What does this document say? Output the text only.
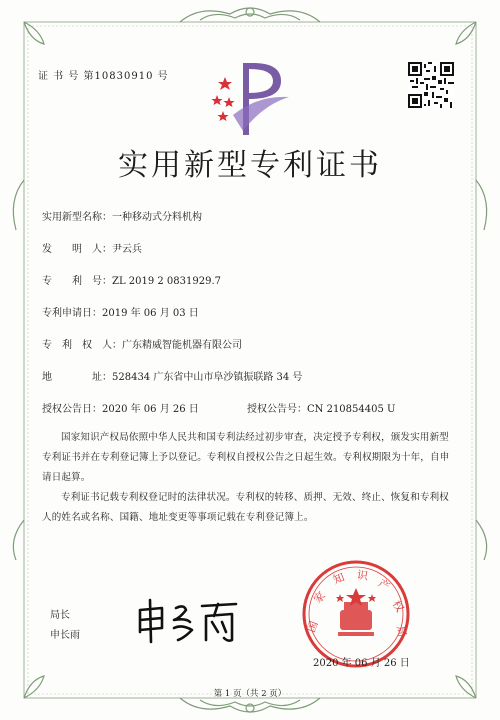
证 书 号 第10830910 号
实用新型专利证书
实用新型名称：一种移动式分料机构
发　　明　人：尹云兵
专　　利　号：ZL 2019 2 0831929.7
专利申请日：2019 年 06 月 03 日
专　利　权　人：广东精威智能机器有限公司
地　　　　址：528434 广东省中山市阜沙镇振联路 34 号
授权公告日：2020 年 06 月 26 日	授权公告号：CN 210854405 U
国家知识产权局依照中华人民共和国专利法经过初步审查，决定授予专利权，颁发实用新型专利证书并在专利登记簿上予以登记。专利权自授权公告之日起生效。专利权期限为十年，自申请日起算。
专利证书记载专利权登记时的法律状况。专利权的转移、质押、无效、终止、恢复和专利权人的姓名或名称、国籍、地址变更等事项记载在专利登记簿上。
局长
申长雨
国
家
知 识
产
权
局
2020 年 06 月 26 日
第 1 页（共 2 页）
